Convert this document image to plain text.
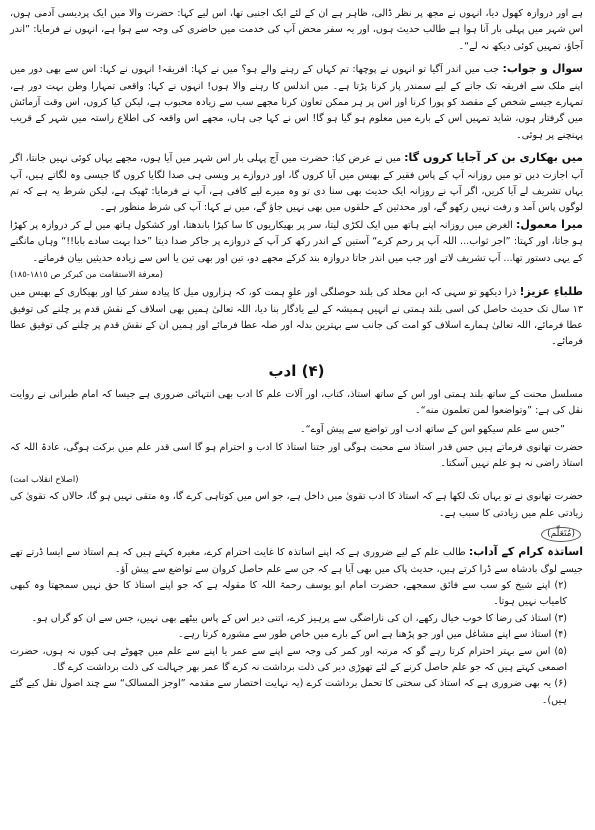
ہے اور دروازہ کھول دیا، انہوں نے مجھ پر نظر ڈالی، ظاہر ہے ان کے لئے ایک اجنبی تھا، اس لیے کہا: حضرت والا میں ایک پردیسی آدمی ہوں، اس شہر میں پہلی بار آنا ہوا ہے طالب حدیث ہوں، اور یہ سفر محض آپ کی خدمت میں حاضری کی وجہ سے ہوا ہے، انہوں نے فرمایا: ”اندر آجاؤ، تمہیں کوئی دیکھ نہ لے“۔

سوال و جواب: جب میں اندر آگیا تو انہوں نے پوچھا: تم کہاں کے رہنے والے ہو؟ میں نے کہا: افریقہ! انہوں نے کہا: اس سے بھی دور میں اپنے ملک سے افریقہ تک جانے کے لیے سمندر پار کرنا پڑتا ہے۔ میں اندلس کا رہنے والا ہوں! انہوں نے کہا: واقعی تمہارا وطن بہت دور ہے، تمہارے جیسے شخص کے مقصد کو پورا کرنا اور اس پر ہر ممکن تعاون کرنا مجھے سب سے زیادہ محبوب ہے، لیکن کیا کروں، اس وقت آزمائش میں گرفتار ہوں، شاید تمہیں اس کے بارے میں معلوم ہو گیا ہو گا! اس نے کہا جی ہاں، مجھے اس واقعہ کی اطلاع راستہ میں شہر کے قریب پہنچنے پر ہوئی۔

میں بھکاری بن کر آجایا کروں گا: میں نے عرض کیا: حضرت میں آج پہلی بار اس شہر میں آیا ہوں، مجھے یہاں کوئی نہیں جانتا، اگر آپ اجازت دیں تو میں روزانہ آپ کے پاس فقیر کے بھیس میں آیا کروں گا، اور دروازے پر ویسی ہی صدا لگایا کروں گا جیسی وہ لگاتے ہیں، آپ یہاں تشریف لے آیا کریں، اگر آپ نے روزانہ ایک حدیث بھی سنا دی تو وہ میرے لیے کافی ہے، آپ نے فرمایا: ٹھیک ہے، لیکن شرط یہ ہے کہ تم لوگوں پاس آمد و رفت نہیں رکھو گے، اور محدثین کے حلقوں میں بھی نہیں جاؤ گے، میں نے کہا: آپ کی شرط منظور ہے۔

میرا معمول: الغرض میں روزانہ اپنے ہاتھ میں ایک لکڑی لیتا، سر پر بھیکاریوں کا سا کپڑا باندھتا، اور کشکول ہاتھ میں لے کر دروازہ پر کھڑا ہو جاتا، اور کہتا: ”اجر ثواب... اللہ آپ پر رحم کرے“ آستین کے اندر رکھ کر آپ کے دروازے پر جاکر صدا دیتا ”خدا بہت سادے بابا!!“ وہاں مانگنے کے یہی دستور تھا... آپ تشریف لاتے اور جب میں اندر جاتا دروازہ بند کرکے مجھے دو، تین اور بھی تین یا اس سے زیادہ حدیثیں بیان فرماتے۔

(معرفة الاستقامت من كبركر ص ١٨١٥-١٨٥)

طلباءِ عزیز! ذرا دیکھو تو سہی کہ ابن مخلد کی بلند حوصلگی اور علوِ ہمت کو، کہ ہزاروں میل کا پیادہ سفر کیا اور بھیکاری کے بھیس میں ۱۳ سال تک حدیث حاصل کی اسی بلند ہمتی نے انہیں ہمیشہ کے لیے یادگار بنا دیا، اللہ تعالیٰ ہمیں بھی اسلاف کے نقش قدم پر چلنے کی توفیق عطا فرمائے، اللہ تعالیٰ ہمارے اسلاف کو امت کی جانب سے بہترین بدلہ اور صلہ عطا فرمائے اور ہمیں ان کے نقش قدم پر چلنے کی توفیق عطا فرمائے۔

(۴) ادب

مسلسل محنت کے ساتھ بلند ہمتی اور اس کے ساتھ استاذ، کتاب، اور آلات علم کا ادب بھی انتہائی ضروری ہے جیسا کہ امام طبرانی نے روایت نقل کی ہے: ”وتواضعوا لمن تعلمون منه“۔

”جس سے علم سیکھو اس کے ساتھ ادب اور تواضع سے پیش آوے“۔

حضرت تھانوی فرماتے ہیں جس قدر استاذ سے محبت ہوگی اور جتنا استاذ کا ادب و احترام ہو گا اسی قدر علم میں برکت ہوگی، عادۃ اللہ کہ استاذ راضی نہ ہو علم نہیں آسکتا۔

(اصلاح انقلاب امت)

حضرت تھانوی نے تو یہاں تک لکھا ہے کہ استاذ کا ادب تقویٰ میں داخل ہے، جو اس میں کوتاہی کرے گا، وہ متقی نہیں ہو گا، حالاں کہ تقویٰ کی زیادتی علم میں زیادتی کا سبب ہے۔

(مُتَعَلِّم)

اساتذہ کرام کے آداب: طالب علم کے لیے ضروری ہے کہ اپنے اساتذہ کا غایت احترام کرے، مغیرہ کہتے ہیں کہ ہم استاذ سے ایسا ڈرتے تھے جیسے لوگ بادشاہ سے ڈرا کرتے ہیں، حدیث پاک میں بھی آیا ہے کہ جن سے علم حاصل کروان سے تواضع سے پیش آؤ۔

(۲) اپنے شیخ کو سب سے فائق سمجھے، حضرت امام ابو یوسف رحمۃ اللہ کا مقولہ ہے کہ جو اپنے استاذ کا حق نہیں سمجھتا وہ کبھی کامیاب نہیں ہوتا۔
(۳) استاذ کی رضا کا خوب خیال رکھے، ان کی ناراضگی سے پرہیز کرے، اتنی دیر اس کے پاس بیٹھے بھی نہیں، جس سے ان کو گراں ہو۔
(۴) استاذ سے اپنے مشاغل میں اور جو پڑھنا ہے اس کے بارے میں خاص طور سے مشورہ کرتا رہے۔
(۵) اس سے بہتر احترام کرتا رہے گو کہ مرتبہ اور کمر کی وجہ سے اپنے سے عمر یا اپنے سے علم میں چھوٹے ہی کیوں نہ ہوں، حضرت اصمعی کہتے ہیں کہ جو علم حاصل کرنے کے لئے تھوڑی دیر کی ذلت برداشت نہ کرے گا عمر بھر جہالت کی ذلت برداشت کرے گا۔
(۶) یہ بھی ضروری ہے کہ استاذ کی سختی کا تحمل برداشت کرے (یہ نہایت اختصار سے مقدمہ ”اوجز المسالک“ سے چند اصول نقل کیے گئے ہیں)۔
